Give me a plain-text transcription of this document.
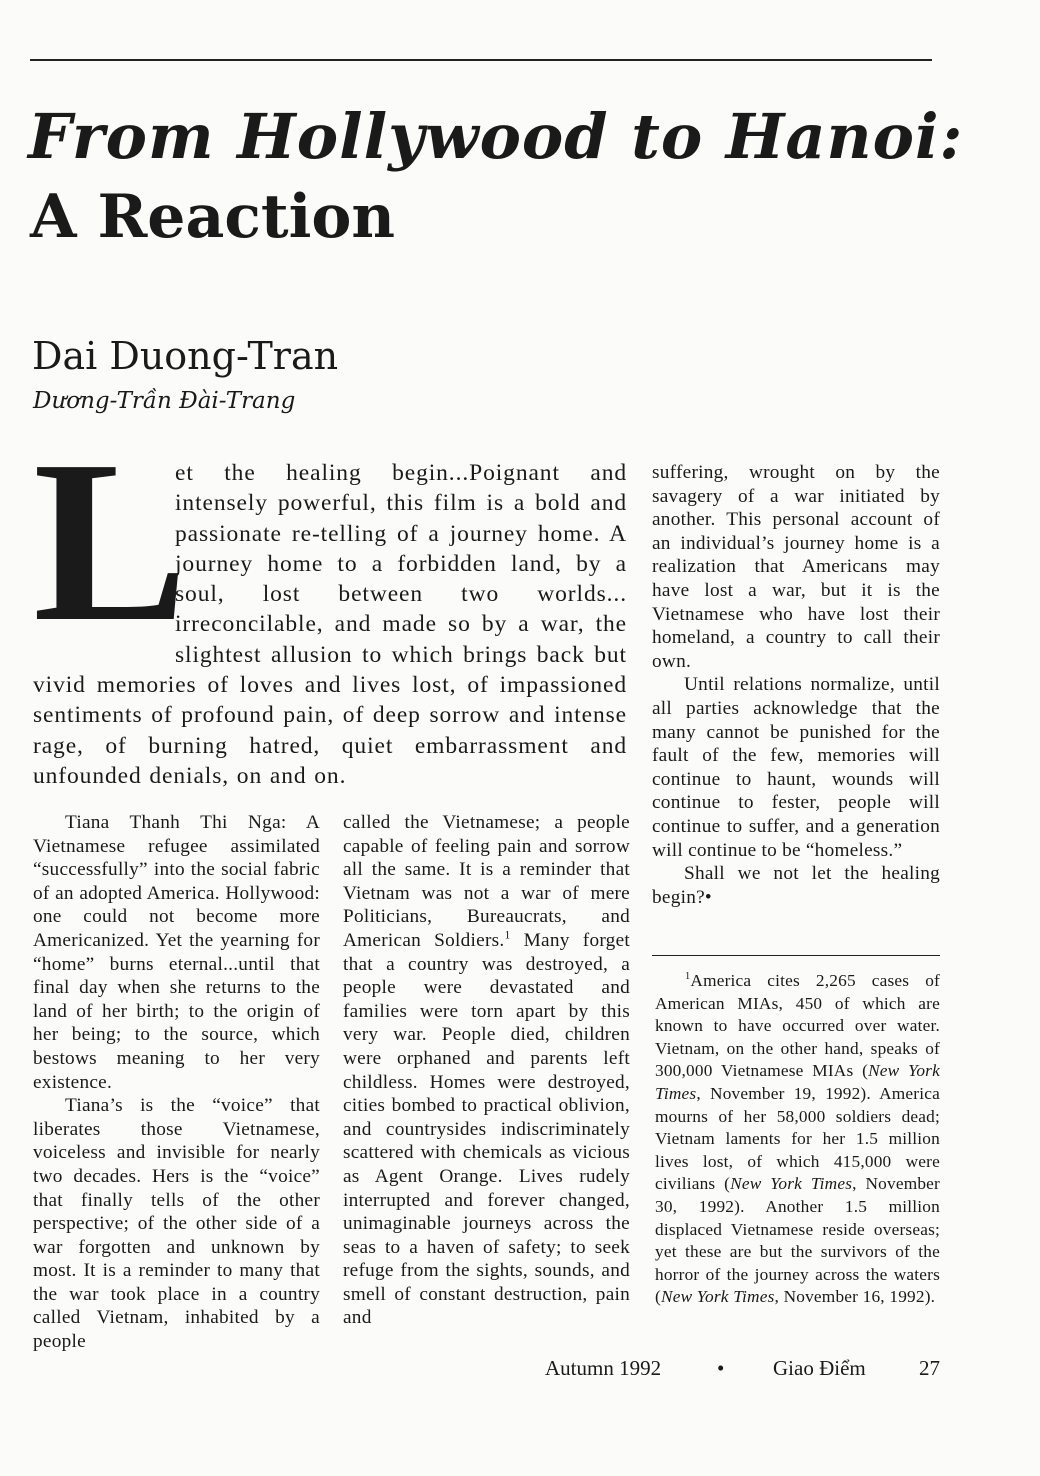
From Hollywood to Hanoi:
A Reaction
Dai Duong-Tran
Dương-Trần Đài-Trang
L
et the healing begin...Poignant and intensely powerful, this film is a bold and passionate re-telling of a journey home. A journey home to a forbidden land, by a soul, lost between two worlds... irreconcilable, and made so by a war, the slightest allusion to which brings back but vivid memories of loves and lives lost, of impassioned sentiments of profound pain, of deep sorrow and intense rage, of burning hatred, quiet embarrassment and unfounded denials, on and on.

Tiana Thanh Thi Nga: A Vietnamese refugee assimilated “successfully” into the social fabric of an adopted America. Hollywood: one could not become more Americanized. Yet the yearning for “home” burns eternal...until that final day when she returns to the land of her birth; to the origin of her being; to the source, which bestows meaning to her very existence.

Tiana’s is the “voice” that liberates those Vietnamese, voiceless and invisible for nearly two decades. Hers is the “voice” that finally tells of the other perspective; of the other side of a war forgotten and unknown by most. It is a reminder to many that the war took place in a country called Vietnam, inhabited by a people

called the Vietnamese; a people capable of feeling pain and sorrow all the same. It is a reminder that Vietnam was not a war of mere Politicians, Bureaucrats, and American Soldiers.$^1$ Many forget that a country was destroyed, a people were devastated and families were torn apart by this very war. People died, children were orphaned and parents left childless. Homes were destroyed, cities bombed to practical oblivion, and countrysides indiscriminately scattered with chemicals as vicious as Agent Orange. Lives rudely interrupted and forever changed, unimaginable journeys across the seas to a haven of safety; to seek refuge from the sights, sounds, and smell of constant destruction, pain and

suffering, wrought on by the savagery of a war initiated by another. This personal account of an individual’s journey home is a realization that Americans may have lost a war, but it is the Vietnamese who have lost their homeland, a country to call their own.

Until relations normalize, until all parties acknowledge that the many cannot be punished for the fault of the few, memories will continue to haunt, wounds will continue to fester, people will continue to suffer, and a generation will continue to be “homeless.”

Shall we not let the healing begin?•

$^1$America cites 2,265 cases of American MIAs, 450 of which are known to have occurred over water. Vietnam, on the other hand, speaks of 300,000 Vietnamese MIAs (New York Times, November 19, 1992). America mourns of her 58,000 soldiers dead; Vietnam laments for her 1.5 million lives lost, of which 415,000 were civilians (New York Times, November 30, 1992). Another 1.5 million displaced Vietnamese reside overseas; yet these are but the survivors of the horror of the journey across the waters (New York Times, November 16, 1992).
Autumn 1992	• Giao Điểm	27
